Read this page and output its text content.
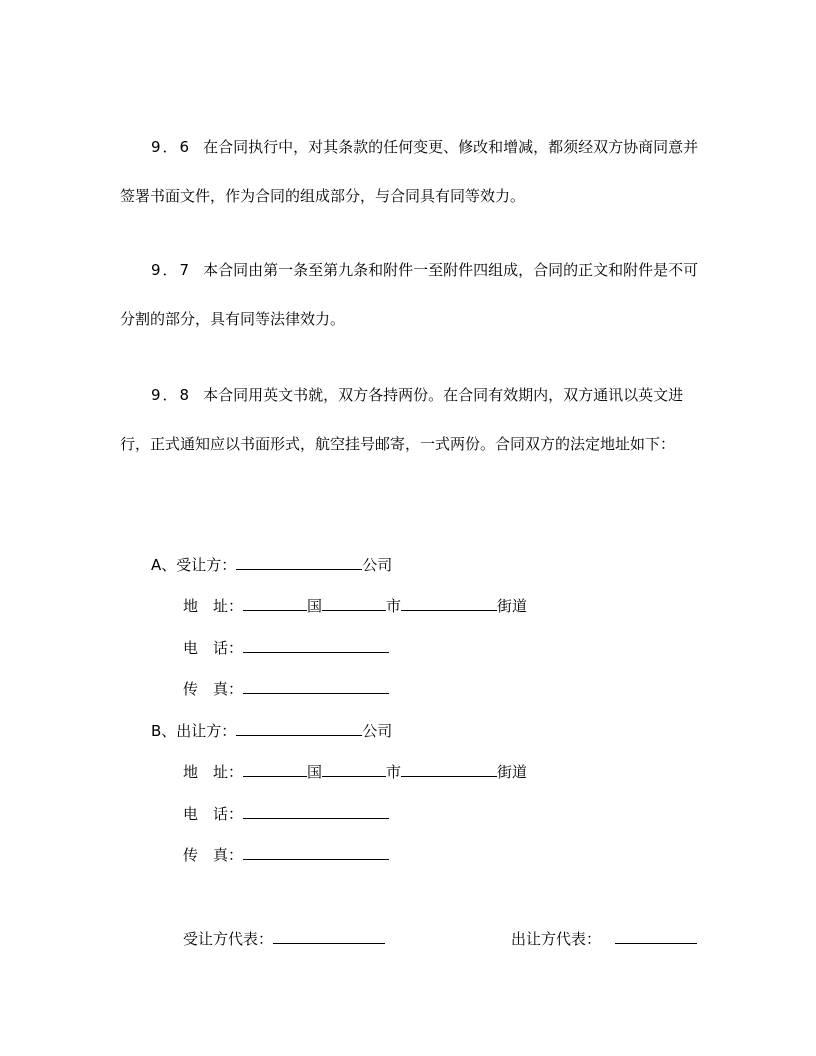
9．6 在合同执行中，对其条款的任何变更、修改和增减，都须经双方协商同意并签署书面文件，作为合同的组成部分，与合同具有同等效力。

9．7 本合同由第一条至第九条和附件一至附件四组成，合同的正文和附件是不可分割的部分，具有同等法律效力。

9．8 本合同用英文书就，双方各持两份。在合同有效期内，双方通讯以英文进行，正式通知应以书面形式，航空挂号邮寄，一式两份。合同双方的法定地址如下：

A、受让方：	公司
地　址：	国	市	街道
电　话：
传　真：
B、出让方：	公司
地　址：	国	市	街道
电　话：
传　真：
受让方代表：	出让方代表：
